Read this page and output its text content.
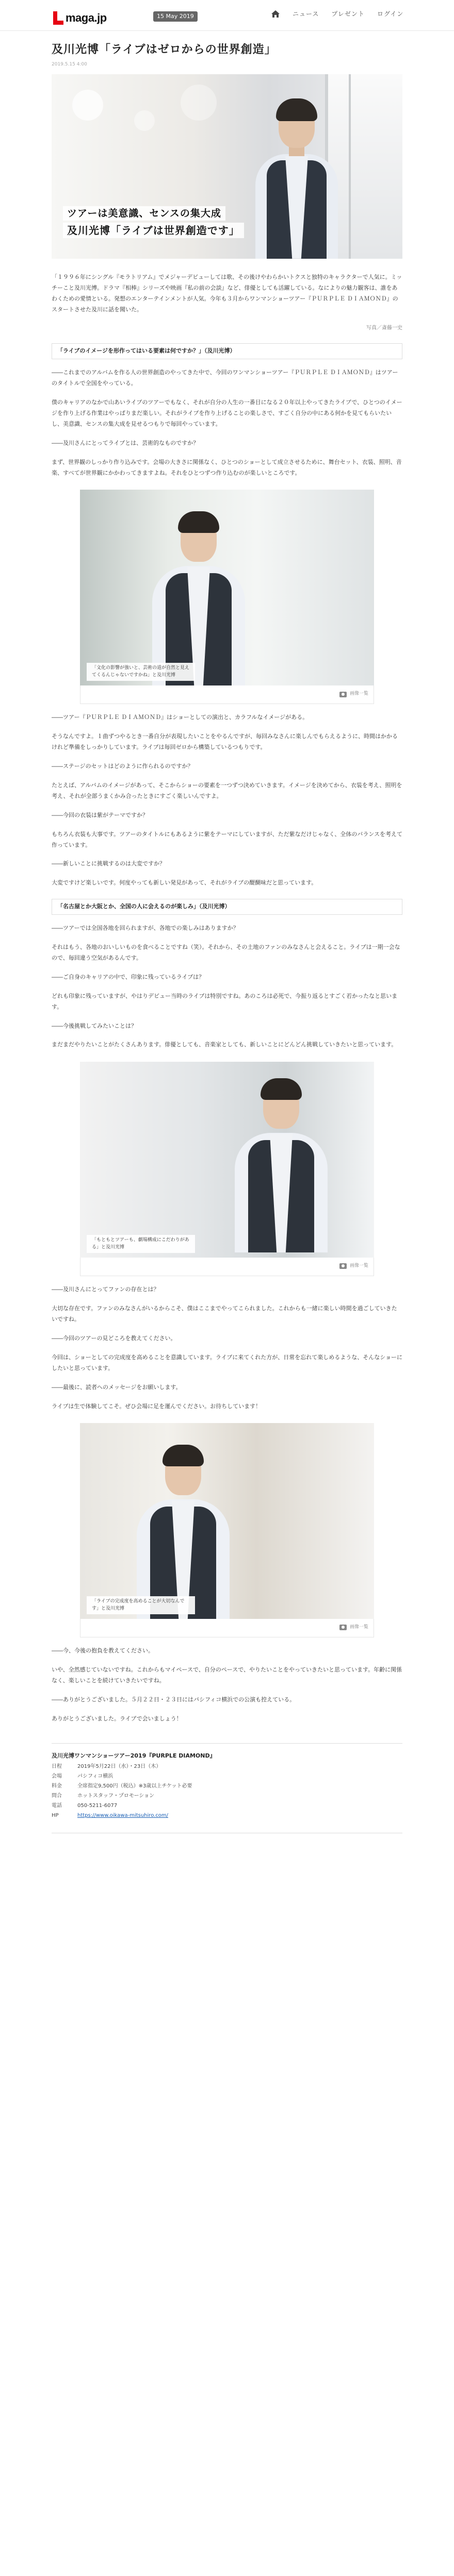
maga.jp	15 May 2019	ニュース プレゼント ログイン
及川光博「ライブはゼロからの世界創造」
2019.5.15 4:00
ツアーは美意識、センスの集大成
及川光博「ライブは世界創造です」

「１９９６年にシングル『モラトリアム』でメジャーデビューしては歌、その後けやわらかいトクスと独特のキャラクターで人気に。ミッチーこと及川光博。ドラマ『相棒』シリーズや映画『私の前の会談』など、俳優としても活躍している。なによりの魅力観客は、誰をあわくための愛情といる。発想のエンターテインメントが人気。今年も３月からワンマンショーツアー『ＰＵＲＰＬＥ ＤＩＡＭＯＮＤ』のスタートさせた及川に話を聞いた。

写真／斎藤一史
「ライブのイメージを形作ってはいる要素は何ですか？」（及川光博）

――これまでのアルバムを作る人の世界創造のやってきた中で、今回のワンマンショーツアー『ＰＵＲＰＬＥ ＤＩＡＭＯＮＤ』はツアーのタイトルで全国をやっている。

僕のキャリアのなかで山あいライブのツアーでもなく、それが自分の人生の一番目になる２０年以上やってきたライブで、ひとつのイメージを作り上げる作業はやっぱりまだ楽しい。それがライブを作り上げることの楽しさで、すごく自分の中にある何かを見てもらいたいし、美意識、センスの集大成を見せるつもりで毎回やっています。

――及川さんにとってライブとは、芸術的なものですか？

まず、世界観のしっかり作り込みです。会場の大きさに関係なく、ひとつのショーとして成立させるために、舞台セット、衣装、照明、音楽、すべてが世界観にかかわってきますよね。それをひとつずつ作り込むのが楽しいところです。

「文化の影響が強いと、芸術の道が自然と見えてくるんじゃないですかね」と及川光博
画像一覧

――ツアー『ＰＵＲＰＬＥ ＤＩＡＭＯＮＤ』はショーとしての演出と、カラフルなイメージがある。

そうなんですよ。１曲ずつやるとき一番自分が表現したいことをやるんですが、毎回みなさんに楽しんでもらえるように、時間はかかるけれど準備をしっかりしています。ライブは毎回ゼロから構築しているつもりです。

――ステージのセットはどのように作られるのですか？

たとえば、アルバムのイメージがあって、そこからショーの要素を一つずつ決めていきます。イメージを決めてから、衣装を考え、照明を考え、それが全部うまくかみ合ったときにすごく楽しいんですよ。

――今回の衣装は紫がテーマですか？

もちろん衣装も大事です。ツアーのタイトルにもあるように紫をテーマにしていますが、ただ紫なだけじゃなく、全体のバランスを考えて作っています。

――新しいことに挑戦するのは大変ですか？

大変ですけど楽しいです。何度やっても新しい発見があって、それがライブの醍醐味だと思っています。

「名古屋とか大阪とか、全国の人に会えるのが楽しみ」（及川光博）

――ツアーでは全国各地を回られますが、各地での楽しみはありますか？

それはもう、各地のおいしいものを食べることですね（笑）。それから、その土地のファンのみなさんと会えること。ライブは一期一会なので、毎回違う空気があるんです。

――ご自身のキャリアの中で、印象に残っているライブは？

どれも印象に残っていますが、やはりデビュー当時のライブは特別ですね。あのころは必死で、今振り返るとすごく若かったなと思います。

――今後挑戦してみたいことは？

まだまだやりたいことがたくさんあります。俳優としても、音楽家としても、新しいことにどんどん挑戦していきたいと思っています。

「もともとツアーも、劇場構成にこだわりがある」と及川光博
画像一覧

――及川さんにとってファンの存在とは？

大切な存在です。ファンのみなさんがいるからこそ、僕はここまでやってこられました。これからも一緒に楽しい時間を過ごしていきたいですね。

――今回のツアーの見どころを教えてください。

今回は、ショーとしての完成度を高めることを意識しています。ライブに来てくれた方が、日常を忘れて楽しめるような、そんなショーにしたいと思っています。

――最後に、読者へのメッセージをお願いします。

ライブは生で体験してこそ。ぜひ会場に足を運んでください。お待ちしています！

「ライブの完成度を高めることが大切なんです」と及川光博
画像一覧

――今、今後の抱負を教えてください。

いや、全然感じていないですね。これからもマイペースで、自分のペースで、やりたいことをやっていきたいと思っています。年齢に関係なく、楽しいことを続けていきたいですね。

――ありがとうございました。５月２２日・２３日にはパシフィコ横浜での公演も控えている。

ありがとうございました。ライブで会いましょう！

及川光博ワンマンショーツアー2019『PURPLE DIAMOND』
日程	2019年5月22日（水）・23日（木）
会場	パシフィコ横浜
料金	全席指定9,500円（税込）※3歳以上チケット必要
問合	ホットスタッフ・プロモーション
電話	050-5211-6077
HP	https://www.oikawa-mitsuhiro.com/
